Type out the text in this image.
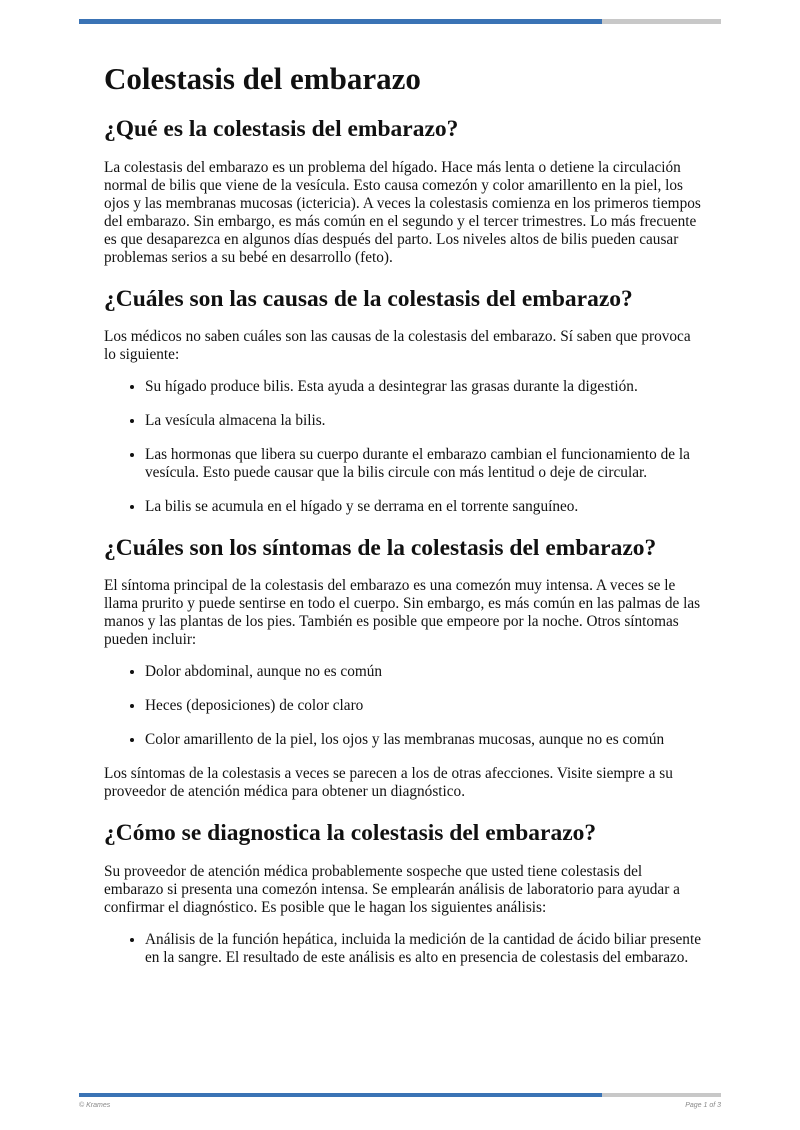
Colestasis del embarazo
¿Qué es la colestasis del embarazo?

La colestasis del embarazo es un problema del hígado. Hace más lenta o detiene la circulación normal de bilis que viene de la vesícula. Esto causa comezón y color amarillento en la piel, los ojos y las membranas mucosas (ictericia). A veces la colestasis comienza en los primeros tiempos del embarazo. Sin embargo, es más común en el segundo y el tercer trimestres. Lo más frecuente es que desaparezca en algunos días después del parto. Los niveles altos de bilis pueden causar problemas serios a su bebé en desarrollo (feto).

¿Cuáles son las causas de la colestasis del embarazo?

Los médicos no saben cuáles son las causas de la colestasis del embarazo. Sí saben que provoca lo siguiente:

• Su hígado produce bilis. Esta ayuda a desintegrar las grasas durante la digestión.
• La vesícula almacena la bilis.
• Las hormonas que libera su cuerpo durante el embarazo cambian el funcionamiento de la vesícula. Esto puede causar que la bilis circule con más lentitud o deje de circular.
• La bilis se acumula en el hígado y se derrama en el torrente sanguíneo.
¿Cuáles son los síntomas de la colestasis del embarazo?

El síntoma principal de la colestasis del embarazo es una comezón muy intensa. A veces se le llama prurito y puede sentirse en todo el cuerpo. Sin embargo, es más común en las palmas de las manos y las plantas de los pies. También es posible que empeore por la noche. Otros síntomas pueden incluir:

• Dolor abdominal, aunque no es común
• Heces (deposiciones) de color claro
• Color amarillento de la piel, los ojos y las membranas mucosas, aunque no es común

Los síntomas de la colestasis a veces se parecen a los de otras afecciones. Visite siempre a su proveedor de atención médica para obtener un diagnóstico.

¿Cómo se diagnostica la colestasis del embarazo?

Su proveedor de atención médica probablemente sospeche que usted tiene colestasis del embarazo si presenta una comezón intensa. Se emplearán análisis de laboratorio para ayudar a confirmar el diagnóstico. Es posible que le hagan los siguientes análisis:

• Análisis de la función hepática, incluida la medición de la cantidad de ácido biliar presente en la sangre. El resultado de este análisis es alto en presencia de colestasis del embarazo.
© Krames	Page 1 of 3
